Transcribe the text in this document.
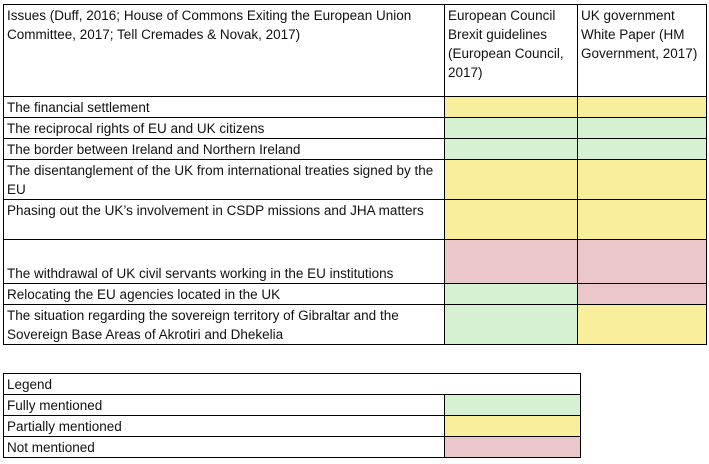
Issues (Duff, 2016; House of Commons Exiting the European Union Committee, 2017; Tell Cremades & Novak, 2017)	European Council Brexit guidelines (European Council, 2017)	UK government White Paper (HM Government, 2017)
The financial settlement		
The reciprocal rights of EU and UK citizens		
The border between Ireland and Northern Ireland		
The disentanglement of the UK from international treaties signed by the EU		
Phasing out the UK’s involvement in CSDP missions and JHA matters		
The withdrawal of UK civil servants working in the EU institutions		
Relocating the EU agencies located in the UK		
The situation regarding the sovereign territory of Gibraltar and the Sovereign Base Areas of Akrotiri and Dhekelia		
Legend	
Fully mentioned	
Partially mentioned	
Not mentioned	
